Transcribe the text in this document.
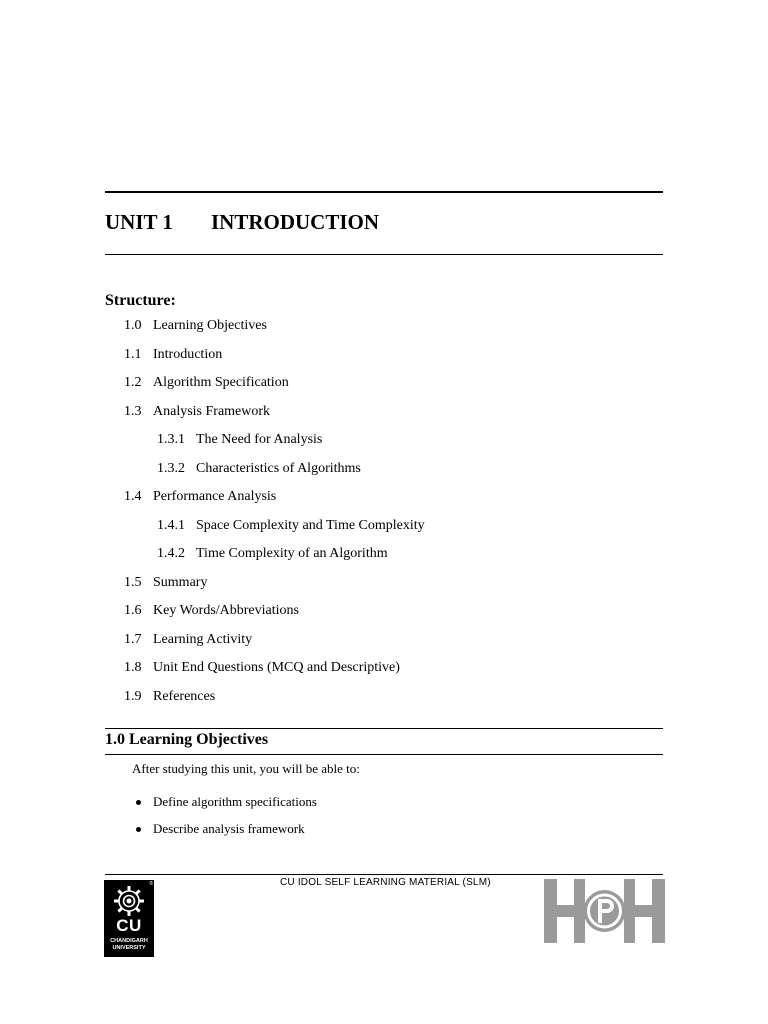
UNIT 1 INTRODUCTION
Structure:
1.0 Learning Objectives
1.1 Introduction
1.2 Algorithm Specification
1.3 Analysis Framework
1.3.1 The Need for Analysis
1.3.2 Characteristics of Algorithms
1.4 Performance Analysis
1.4.1 Space Complexity and Time Complexity
1.4.2 Time Complexity of an Algorithm
1.5 Summary
1.6 Key Words/Abbreviations
1.7 Learning Activity
1.8 Unit End Questions (MCQ and Descriptive)
1.9 References
1.0 Learning Objectives
After studying this unit, you will be able to:
Define algorithm specifications
Describe analysis framework
CU IDOL SELF LEARNING MATERIAL (SLM)
®
CU
CHANDIGARH
UNIVERSITY
